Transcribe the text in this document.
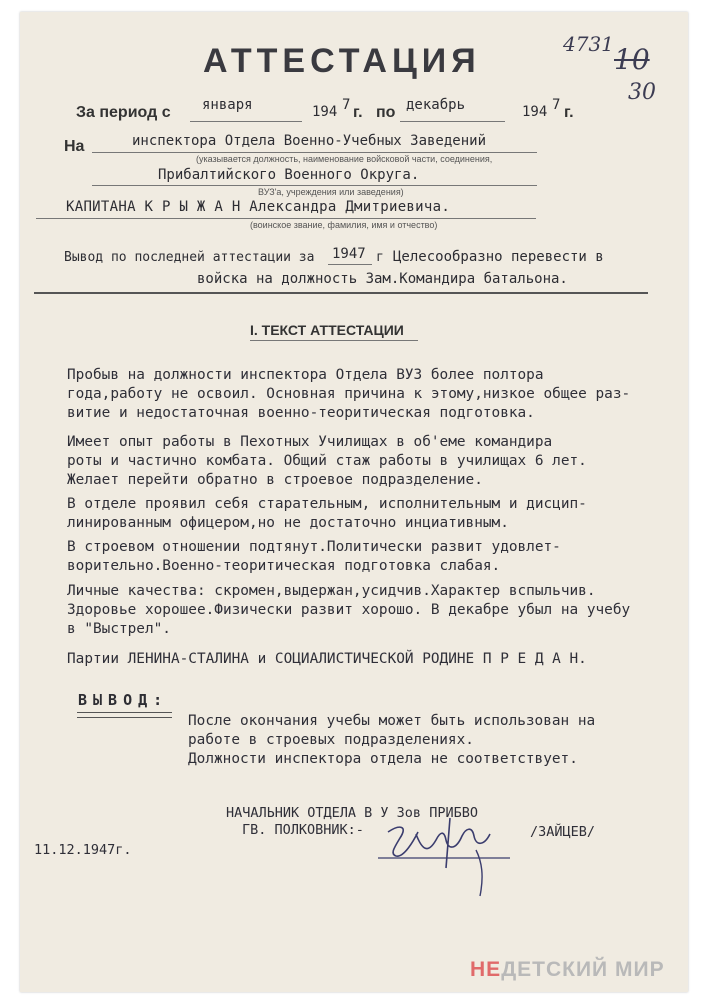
4731 10
30
АТТЕСТАЦИЯ
За период с января	194 7 г. по декабрь	194 7 г.
На	инспектора Отдела Военно-Учебных Заведений
(указывается должность, наименование войсковой части, соединения,
Прибалтийского Военного Округа.
ВУЗ'а, учреждения или заведения)
КАПИТАНА К Р Ы Ж А Н Александра Дмитриевича.
(воинское звание, фамилия, имя и отчество)
Вывод по последней аттестации за 1947 г Целесообразно перевести в
войска на должность Зам.Командира батальона.
I. ТЕКСТ АТТЕСТАЦИИ
Пробыв на должности инспектора Отдела ВУЗ более полтора
года,работу не освоил. Основная причина к этому,низкое общее раз-
витие и недостаточная военно-теоритическая подготовка.
Имеет опыт работы в Пехотных Училищах в об'еме командира
роты и частично комбата. Общий стаж работы в училищах 6 лет.
Желает перейти обратно в строевое подразделение.
В отделе проявил себя старательным, исполнительным и дисцип-
линированным офицером,но не достаточно инциативным.
В строевом отношении подтянут.Политически развит удовлет-
ворительно.Военно-теоритическая подготовка слабая.
Личные качества: скромен,выдержан,усидчив.Характер вспыльчив.
Здоровье хорошее.Физически развит хорошо. В декабре убыл на учебу
в "Выстрел".
Партии ЛЕНИНА-СТАЛИНА и СОЦИАЛИСТИЧЕСКОЙ РОДИНЕ П Р Е Д А Н.
ВЫВОД:
После окончания учебы может быть использован на
работе в строевых подразделениях.
Должности инспектора отдела не соответствует.
НАЧАЛЬНИК ОТДЕЛА В У Зов ПРИБВО
ГВ. ПОЛКОВНИК:-	/ЗАЙЦЕВ/
11.12.1947г.
НЕДЕТСКИЙ МИР
